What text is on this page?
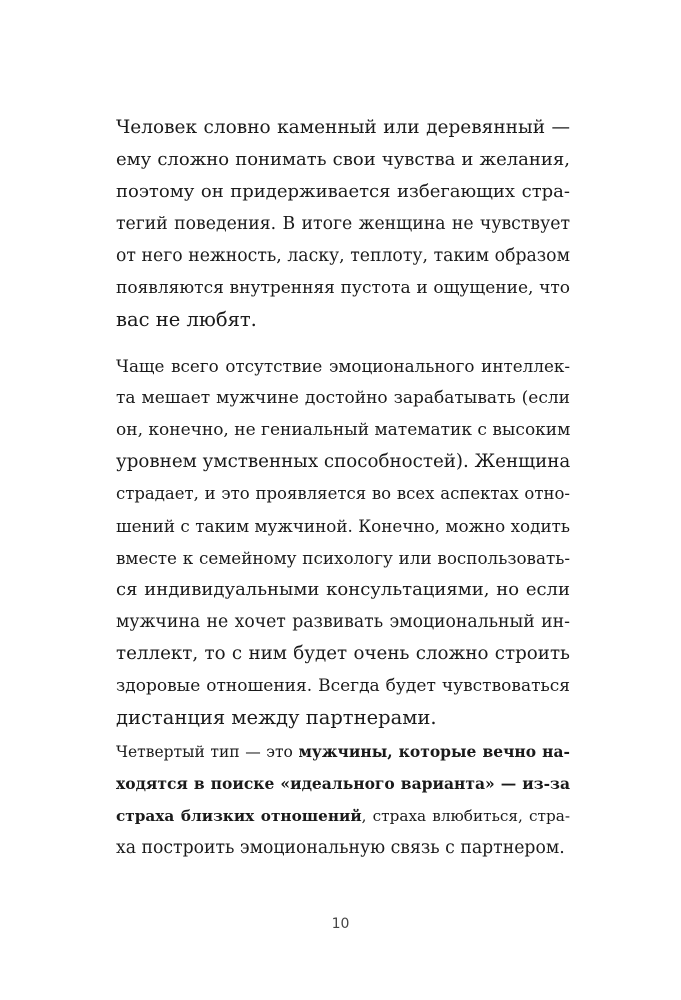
Человек словно каменный или деревянный —
ему сложно понимать свои чувства и желания,
поэтому он придерживается избегающих стра-
тегий поведения. В итоге женщина не чувствует
от него нежность, ласку, теплоту, таким образом
появляются внутренняя пустота и ощущение, что
вас не любят.
Чаще всего отсутствие эмоционального интеллек-
та мешает мужчине достойно зарабатывать (если
он, конечно, не гениальный математик с высоким
уровнем умственных способностей). Женщина
страдает, и это проявляется во всех аспектах отно-
шений с таким мужчиной. Конечно, можно ходить
вместе к семейному психологу или воспользовать-
ся индивидуальными консультациями, но если
мужчина не хочет развивать эмоциональный ин-
теллект, то с ним будет очень сложно строить
здоровые отношения. Всегда будет чувствоваться
дистанция между партнерами.
Четвертый тип — это мужчины, которые вечно на-
ходятся в поиске «идеального варианта» — из-за
страха близких отношений, страха влюбиться, стра-
ха построить эмоциональную связь с партнером.
10
